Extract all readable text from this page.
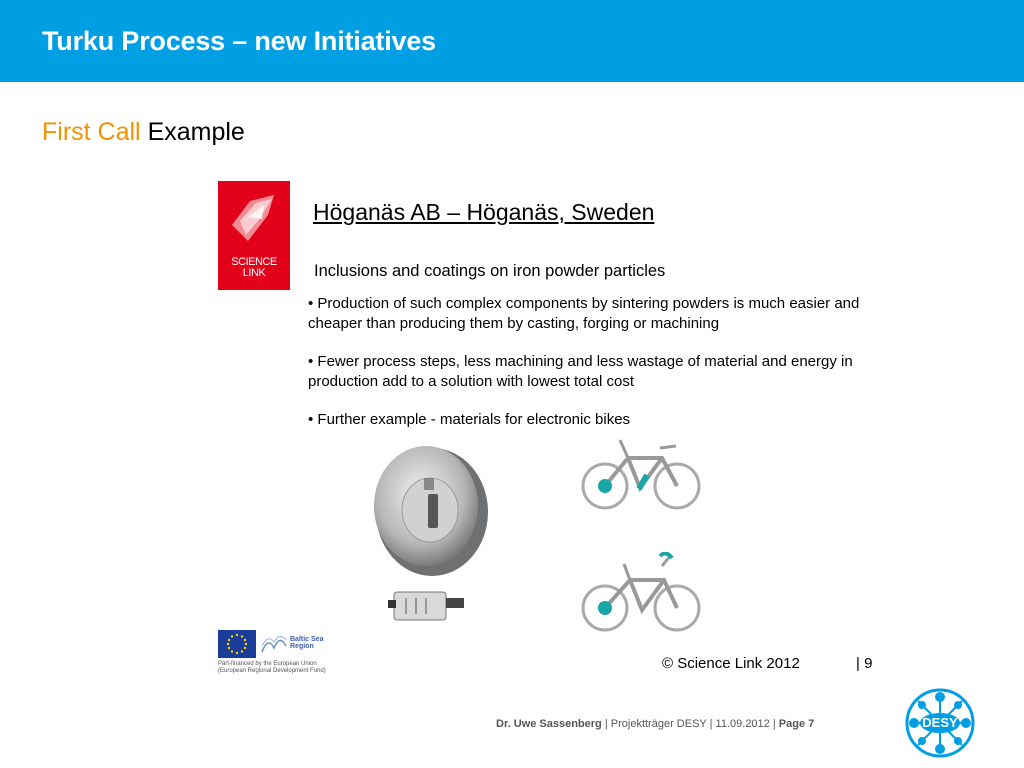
Turku Process – new Initiatives
First Call Example
SCIENCE
LINK
Höganäs AB – Höganäs, Sweden
Inclusions and coatings on iron powder particles
• Production of such complex components by sintering powders is much easier and cheaper than producing them by casting, forging or machining
• Fewer process steps, less machining and less wastage of material and energy in production add to a solution with lowest total cost
• Further example - materials for electronic bikes
Baltic Sea Region
Part-financed by the European Union
(European Regional Development Fund)	© Science Link 2012	| 9
Dr. Uwe Sassenberg | Projektträger DESY | 11.09.2012 | Page 7	DESY
